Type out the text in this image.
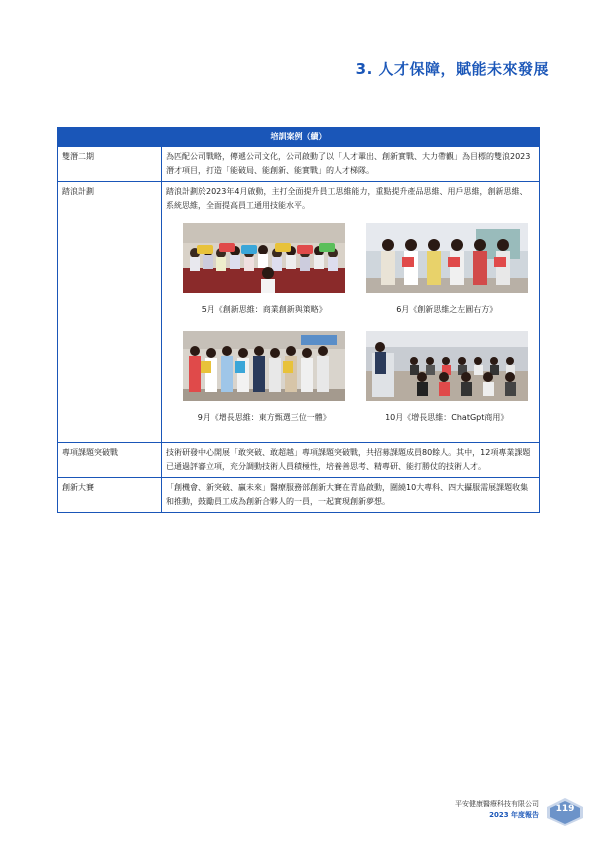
3. 人才保障，賦能未來發展
培訓案例（續）	
雙潛二期	為匹配公司戰略，傳遞公司文化，公司啟動了以「人才輩出、創新實戰、大力帶觀」為目標的雙浪2023潛才項目，打造「能破局、能創新、能實戰」的人才梯隊。
踏浪計劃	踏浪計劃於2023年4月啟動，主打全面提升員工思維能力，重點提升產品思維、用戶思維，創新思維、系統思維，全面提高員工通用技能水平。
5月《創新思維：商業創新與策略》 6月《創新思維之左圓右方》
9月《增長思維：東方甄選三位一體》 10月《增長思維：ChatGpt商用》

專項課題突破戰	技術研發中心開展「敢突破、敢超越」專項課題突破戰，共招募課題成員80餘人。其中，12項專業課題已通過評審立項，充分調動技術人員積極性，培養善思考、精專研、能打勝仗的技術人才。
創新大賽	「創機會、新突破、贏未來」醫療服務部創新大賽在青島啟動，圍繞10大專科、四大攝服需展課題收集和推動，鼓勵員工成為創新合夥人的一員，一起實現創新夢想。
平安健康醫療科技有限公司
2023 年度報告
119
